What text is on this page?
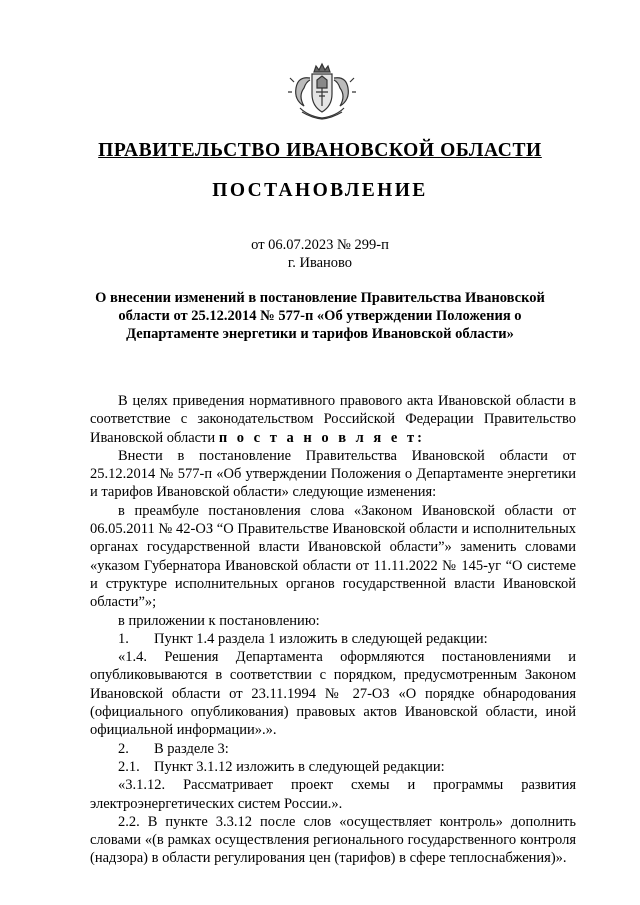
ПРАВИТЕЛЬСТВО ИВАНОВСКОЙ ОБЛАСТИ
ПОСТАНОВЛЕНИЕ
от 06.07.2023 № 299-п
г. Иваново
О внесении изменений в постановление Правительства Ивановской области от 25.12.2014 № 577-п «Об утверждении Положения о Департаменте энергетики и тарифов Ивановской области»

В целях приведения нормативного правового акта Ивановской области в соответствие с законодательством Российской Федерации Правительство Ивановской области п о с т а н о в л я е т:

Внести в постановление Правительства Ивановской области от 25.12.2014 № 577-п «Об утверждении Положения о Департаменте энергетики и тарифов Ивановской области» следующие изменения:

в преамбуле постановления слова «Законом Ивановской области от 06.05.2011 № 42-ОЗ “О Правительстве Ивановской области и исполнительных органах государственной власти Ивановской области”» заменить словами «указом Губернатора Ивановской области от 11.11.2022 № 145-уг “О системе и структуре исполнительных органов государственной власти Ивановской области”»;

в приложении к постановлению:

1. Пункт 1.4 раздела 1 изложить в следующей редакции:

«1.4. Решения Департамента оформляются постановлениями и опубликовываются в соответствии с порядком, предусмотренным Законом Ивановской области от 23.11.1994 № 27-ОЗ «О порядке обнародования (официального опубликования) правовых актов Ивановской области, иной официальной информации».».

2. В разделе 3:

2.1. Пункт 3.1.12 изложить в следующей редакции:

«3.1.12. Рассматривает проект схемы и программы развития электроэнергетических систем России.».

2.2. В пункте 3.3.12 после слов «осуществляет контроль» дополнить словами «(в рамках осуществления регионального государственного контроля (надзора) в области регулирования цен (тарифов) в сфере теплоснабжения)».
